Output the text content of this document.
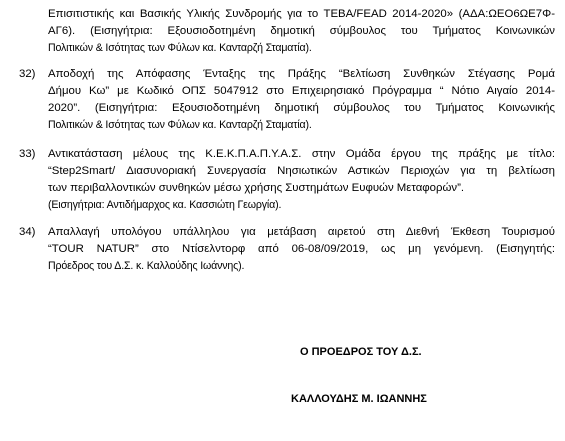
Επισιτιστικής και Βασικής Υλικής Συνδρομής για το ΤΕΒΑ/FEAD 2014-2020» (ΑΔΑ:ΩΕΟ6ΩΕ7Φ-
ΑΓ6). (Εισηγήτρια: Εξουσιοδοτημένη δημοτική σύμβουλος του Τμήματος Κοινωνικών
Πολιτικών & Ισότητας των Φύλων κα. Κανταρζή Σταματία).
32) Αποδοχή της Απόφασης Ένταξης της Πράξης “Βελτίωση Συνθηκών Στέγασης Ρομά
Δήμου Κω” με Κωδικό ΟΠΣ 5047912 στο Επιχειρησιακό Πρόγραμμα “ Νότιο Αιγαίο 2014-
2020”. (Εισηγήτρια: Εξουσιοδοτημένη δημοτική σύμβουλος του Τμήματος Κοινωνικής
Πολιτικών & Ισότητας των Φύλων κα. Κανταρζή Σταματία).
33) Αντικατάσταση μέλους της Κ.Ε.Κ.Π.Α.Π.Υ.Α.Σ. στην Ομάδα έργου της πράξης με τίτλο:
“Step2Smart/ Διασυνοριακή Συνεργασία Νησιωτικών Αστικών Περιοχών για τη βελτίωση
των περιβαλλοντικών συνθηκών μέσω χρήσης Συστημάτων Ευφυών Μεταφορών”.
(Εισηγήτρια: Αντιδήμαρχος κα. Κασσιώτη Γεωργία).
34) Απαλλαγή υπολόγου υπάλληλου για μετάβαση αιρετού στη Διεθνή Έκθεση Τουρισμού
“TOUR NATUR” στο Ντίσελντορφ από 06-08/09/2019, ως μη γενόμενη. (Εισηγητής:
Πρόεδρος του Δ.Σ. κ. Καλλούδης Ιωάννης).
Ο ΠΡΟΕΔΡΟΣ ΤΟΥ Δ.Σ.
ΚΑΛΛΟΥΔΗΣ Μ. ΙΩΑΝΝΗΣ
